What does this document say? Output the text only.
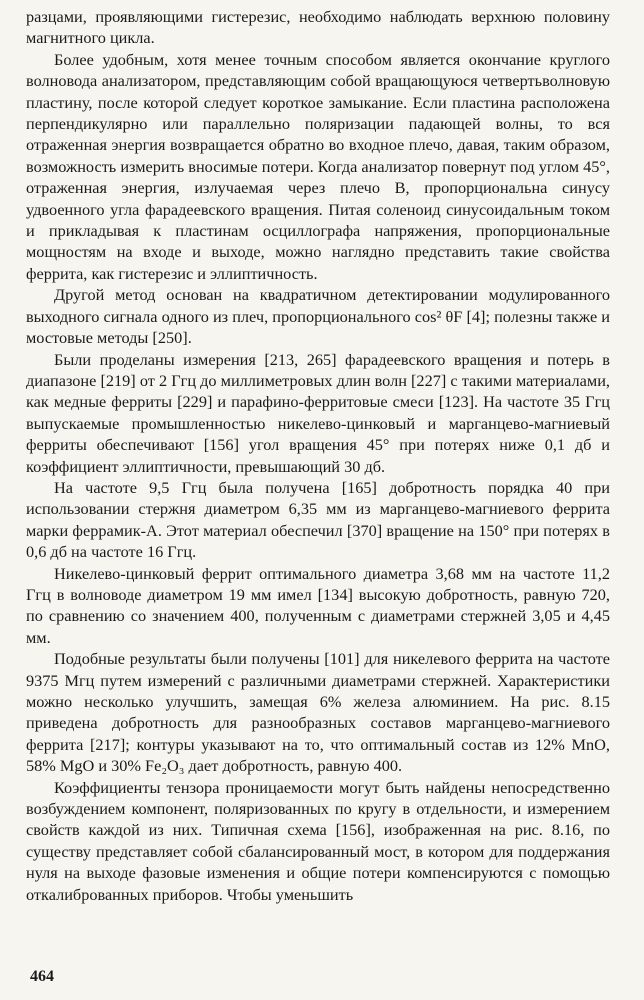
разцами, проявляющими гистерезис, необходимо наблюдать верхнюю половину магнитного цикла.

Более удобным, хотя менее точным способом является окончание круглого волновода анализатором, представляющим собой вращающуюся четвертьволновую пластину, после которой следует короткое замыкание. Если пластина расположена перпендикулярно или параллельно поляризации падающей волны, то вся отраженная энергия возвращается обратно во входное плечо, давая, таким образом, возможность измерить вносимые потери. Когда анализатор повернут под углом 45°, отраженная энергия, излучаемая через плечо B, пропорциональна синусу удвоенного угла фарадеевского вращения. Питая соленоид синусоидальным током и прикладывая к пластинам осциллографа напряжения, пропорциональные мощностям на входе и выходе, можно наглядно представить такие свойства феррита, как гистерезис и эллиптичность.

Другой метод основан на квадратичном детектировании модулированного выходного сигнала одного из плеч, пропорционального cos² θF [4]; полезны также и мостовые методы [250].

Были проделаны измерения [213, 265] фарадеевского вращения и потерь в диапазоне [219] от 2 Ггц до миллиметровых длин волн [227] с такими материалами, как медные ферриты [229] и парафино-ферритовые смеси [123]. На частоте 35 Ггц выпускаемые промышленностью никелево-цинковый и марганцево-магниевый ферриты обеспечивают [156] угол вращения 45° при потерях ниже 0,1 дб и коэффициент эллиптичности, превышающий 30 дб.

На частоте 9,5 Ггц была получена [165] добротность порядка 40 при использовании стержня диаметром 6,35 мм из марганцево-магниевого феррита марки феррамик-А. Этот материал обеспечил [370] вращение на 150° при потерях в 0,6 дб на частоте 16 Ггц.

Никелево-цинковый феррит оптимального диаметра 3,68 мм на частоте 11,2 Ггц в волноводе диаметром 19 мм имел [134] высокую добротность, равную 720, по сравнению со значением 400, полученным с диаметрами стержней 3,05 и 4,45 мм.

Подобные результаты были получены [101] для никелевого феррита на частоте 9375 Мгц путем измерений с различными диаметрами стержней. Характеристики можно несколько улучшить, замещая 6% железа алюминием. На рис. 8.15 приведена добротность для разнообразных составов марганцево-магниевого феррита [217]; контуры указывают на то, что оптимальный состав из 12% MnO, 58% MgO и 30% Fe₂O₃ дает добротность, равную 400.

Коэффициенты тензора проницаемости могут быть найдены непосредственно возбуждением компонент, поляризованных по кругу в отдельности, и измерением свойств каждой из них. Типичная схема [156], изображенная на рис. 8.16, по существу представляет собой сбалансированный мост, в котором для поддержания нуля на выходе фазовые изменения и общие потери компенсируются с помощью откалиброванных приборов. Чтобы уменьшить

464
